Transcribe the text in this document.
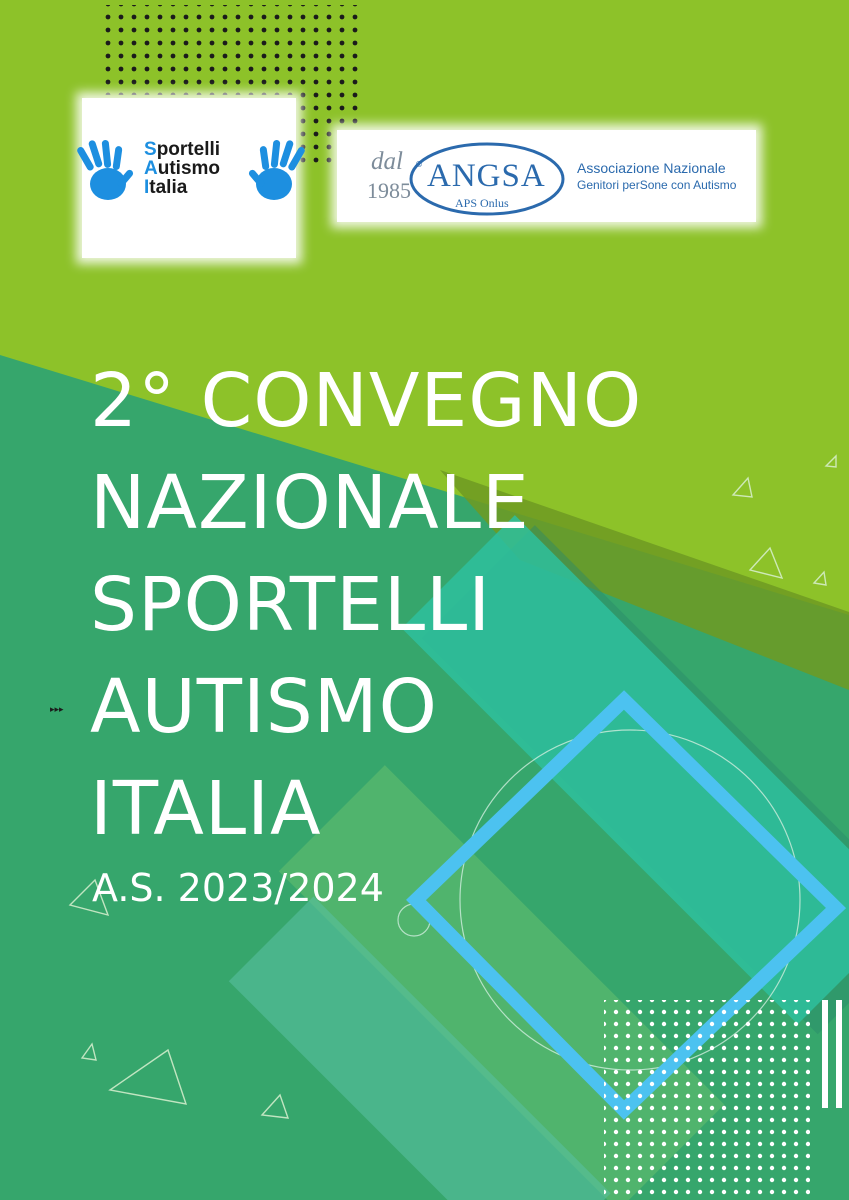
Sportelli
Autismo
Italia
dal
1985
® ANGSA
APS Onlus
Associazione Nazionale
Genitori perSone con Autismo
▸▸▸
2° CONVEGNO
NAZIONALE
SPORTELLI
AUTISMO
ITALIA

A.S. 2023/2024
